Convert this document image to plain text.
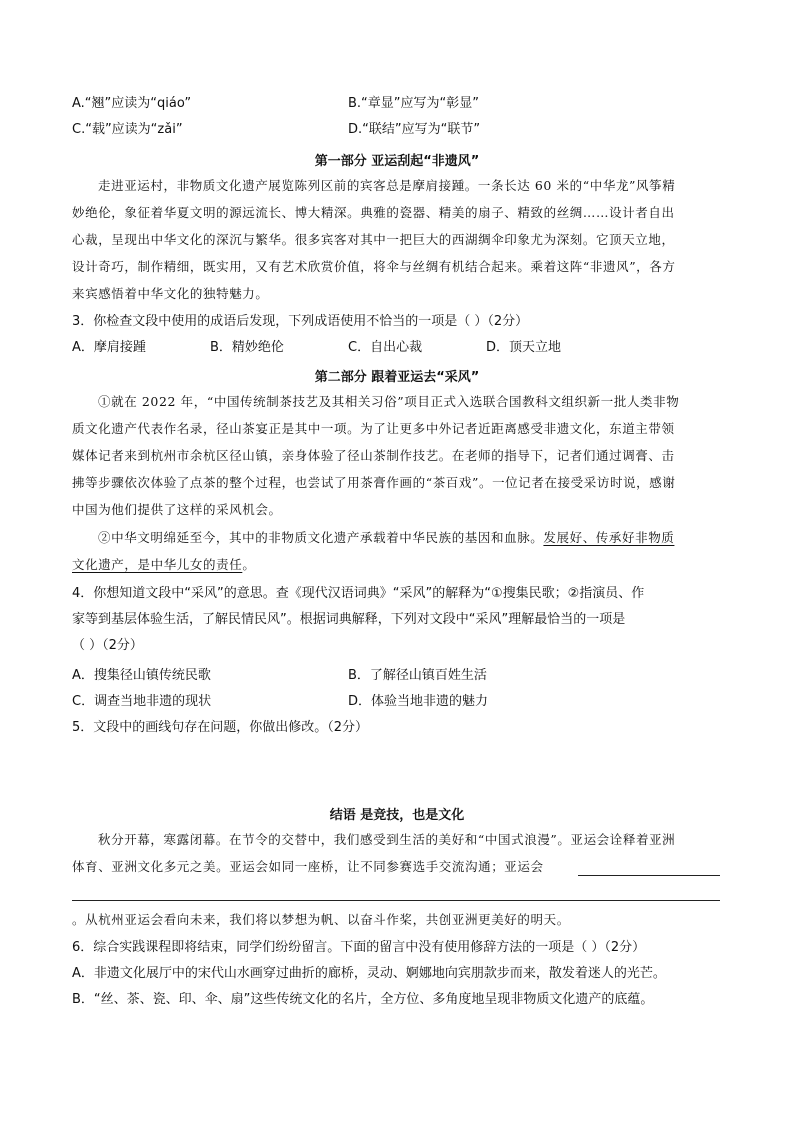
A.“翘”应读为“qiáo”	B.“章显”应写为“彰显”
C.“载”应读为“zǎi”	D.“联结”应写为“联节”
第一部分 亚运刮起“非遗风”
走进亚运村，非物质文化遗产展览陈列区前的宾客总是摩肩接踵。一条长达 60 米的“中华龙”风筝精
妙绝伦，象征着华夏文明的源远流长、博大精深。典雅的瓷器、精美的扇子、精致的丝绸……设计者自出
心裁，呈现出中华文化的深沉与繁华。很多宾客对其中一把巨大的西湖绸伞印象尤为深刻。它顶天立地，
设计奇巧，制作精细，既实用，又有艺术欣赏价值，将伞与丝绸有机结合起来。乘着这阵“非遗风”，各方
来宾感悟着中华文化的独特魅力。
3．你检查文段中使用的成语后发现，下列成语使用不恰当的一项是（ ）（2分）
A．摩肩接踵	B．精妙绝伦	C．自出心裁	D．顶天立地
第二部分 跟着亚运去“采风”
①就在 2022 年，“中国传统制茶技艺及其相关习俗”项目正式入选联合国教科文组织新一批人类非物
质文化遗产代表作名录，径山茶宴正是其中一项。为了让更多中外记者近距离感受非遗文化，东道主带领
媒体记者来到杭州市余杭区径山镇，亲身体验了径山茶制作技艺。在老师的指导下，记者们通过调膏、击
拂等步骤依次体验了点茶的整个过程，也尝试了用茶膏作画的“茶百戏”。一位记者在接受采访时说，感谢
中国为他们提供了这样的采风机会。
②中华文明绵延至今，其中的非物质文化遗产承载着中华民族的基因和血脉。发展好、传承好非物质
文化遗产，是中华儿女的责任。
4．你想知道文段中“采风”的意思。查《现代汉语词典》“采风”的解释为“①搜集民歌；②指演员、作
家等到基层体验生活，了解民情民风”。根据词典解释，下列对文段中“采风”理解最恰当的一项是
（ ）（2分）
A．搜集径山镇传统民歌	B．了解径山镇百姓生活
C．调查当地非遗的现状	D．体验当地非遗的魅力
5．文段中的画线句存在问题，你做出修改。（2分）
结语 是竞技，也是文化
秋分开幕，寒露闭幕。在节令的交替中，我们感受到生活的美好和“中国式浪漫”。亚运会诠释着亚洲
体育、亚洲文化多元之美。亚运会如同一座桥，让不同参赛选手交流沟通；亚运会
。从杭州亚运会看向未来，我们将以梦想为帆、以奋斗作桨，共创亚洲更美好的明天。
6．综合实践课程即将结束，同学们纷纷留言。下面的留言中没有使用修辞方法的一项是（ ）（2分）
A．非遗文化展厅中的宋代山水画穿过曲折的廊桥，灵动、婀娜地向宾朋款步而来，散发着迷人的光芒。
B．“丝、茶、瓷、印、伞、扇”这些传统文化的名片，全方位、多角度地呈现非物质文化遗产的底蕴。
